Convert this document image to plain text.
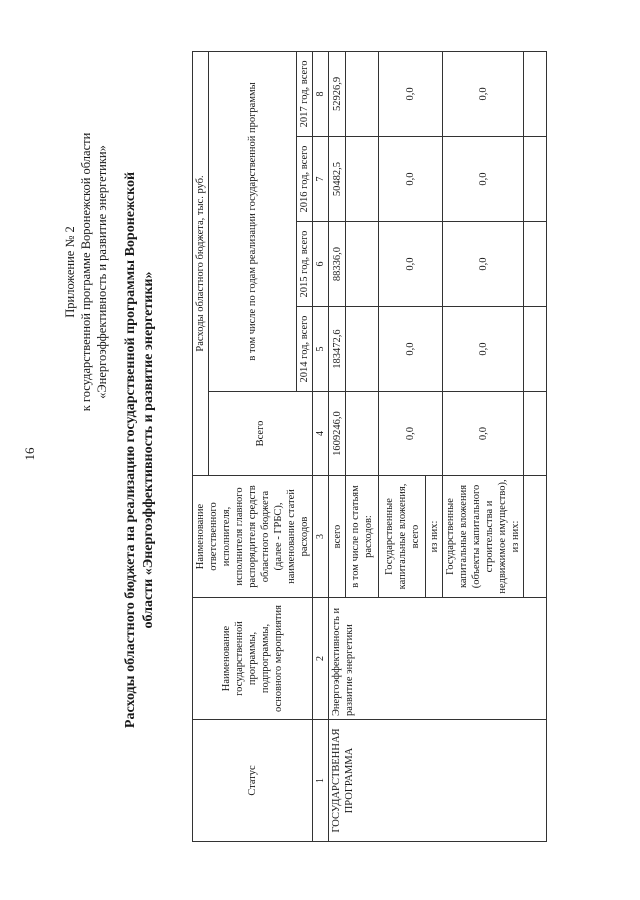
16
Приложение № 2 к государственной программе Воронежской области «Энергоэффективность и развитие энергетики» Расходы областного бюджета на реализацию государственной программы Воронежской области «Энергоэффективность и развитие энергетики»
Статус	Наименование государственной программы, подпрограммы, основного мероприятия	Наименование ответственного исполнителя, исполнителя главного распорядителя средств областного бюджета (далее - ГРБС), наименование статей расходов	Расходы областного бюджета, тыс. руб.				
			Всего	в том числе по годам реализации государственной программы			
				2014 год, всего	2015 год, всего	2016 год, всего	2017 год, всего
1	2	3	4	5	6	7	8
ГОСУДАРСТВЕННАЯ ПРОГРАММА	Энергоэффективность и развитие энергетики	всего	1609246,0	183472,6	88336,0	50482,5	52926,9
		в том числе по статьям расходов:					
		Государственные капитальные вложения, всего	0,0	0,0	0,0	0,0	0,0
		из них:					
		Государственные капитальные вложения (объекты капитального строительства и недвижимое имущество), из них:	0,0	0,0	0,0	0,0	0,0
